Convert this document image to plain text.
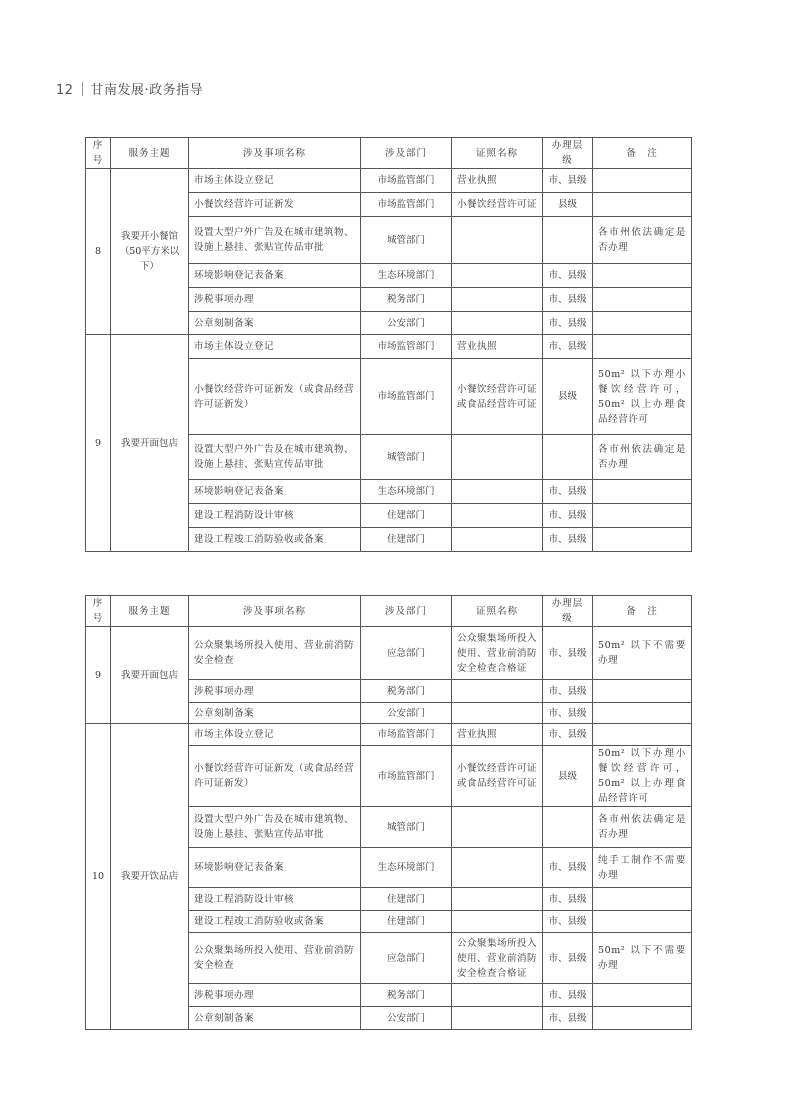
12 甘南发展·政务指导
序号	服务主题	涉及事项名称	涉及部门	证照名称	办理层级	备　注
8	我要开小餐馆（50平方米以下）	市场主体设立登记	市场监管部门	营业执照	市、县级	
		小餐饮经营许可证新发	市场监管部门	小餐饮经营许可证	县级	
		设置大型户外广告及在城市建筑物、设施上悬挂、张贴宣传品审批	城管部门			各市州依法确定是否办理
		环境影响登记表备案	生态环境部门		市、县级	
		涉税事项办理	税务部门		市、县级	
		公章刻制备案	公安部门		市、县级	
9	我要开面包店	市场主体设立登记	市场监管部门	营业执照	市、县级	
		小餐饮经营许可证新发（或食品经营许可证新发）	市场监管部门	小餐饮经营许可证或食品经营许可证	县级	50m² 以下办理小餐饮经营许可，50m² 以上办理食品经营许可
		设置大型户外广告及在城市建筑物、设施上悬挂、张贴宣传品审批	城管部门			各市州依法确定是否办理
		环境影响登记表备案	生态环境部门		市、县级	
		建设工程消防设计审核	住建部门		市、县级	
		建设工程竣工消防验收或备案	住建部门		市、县级	
序号	服务主题	涉及事项名称	涉及部门	证照名称	办理层级	备　注
9	我要开面包店	公众聚集场所投入使用、营业前消防安全检查	应急部门	公众聚集场所投入使用、营业前消防安全检查合格证	市、县级	50m² 以下不需要办理
		涉税事项办理	税务部门		市、县级	
		公章刻制备案	公安部门		市、县级	
10	我要开饮品店	市场主体设立登记	市场监管部门	营业执照	市、县级	
		小餐饮经营许可证新发（或食品经营许可证新发）	市场监管部门	小餐饮经营许可证或食品经营许可证	县级	50m² 以下办理小餐饮经营许可，50m² 以上办理食品经营许可
		设置大型户外广告及在城市建筑物、设施上悬挂、张贴宣传品审批	城管部门			各市州依法确定是否办理
		环境影响登记表备案	生态环境部门		市、县级	纯手工制作不需要办理
		建设工程消防设计审核	住建部门		市、县级	
		建设工程竣工消防验收或备案	住建部门		市、县级	
		公众聚集场所投入使用、营业前消防安全检查	应急部门	公众聚集场所投入使用、营业前消防安全检查合格证	市、县级	50m² 以下不需要办理
		涉税事项办理	税务部门		市、县级	
		公章刻制备案	公安部门		市、县级	
